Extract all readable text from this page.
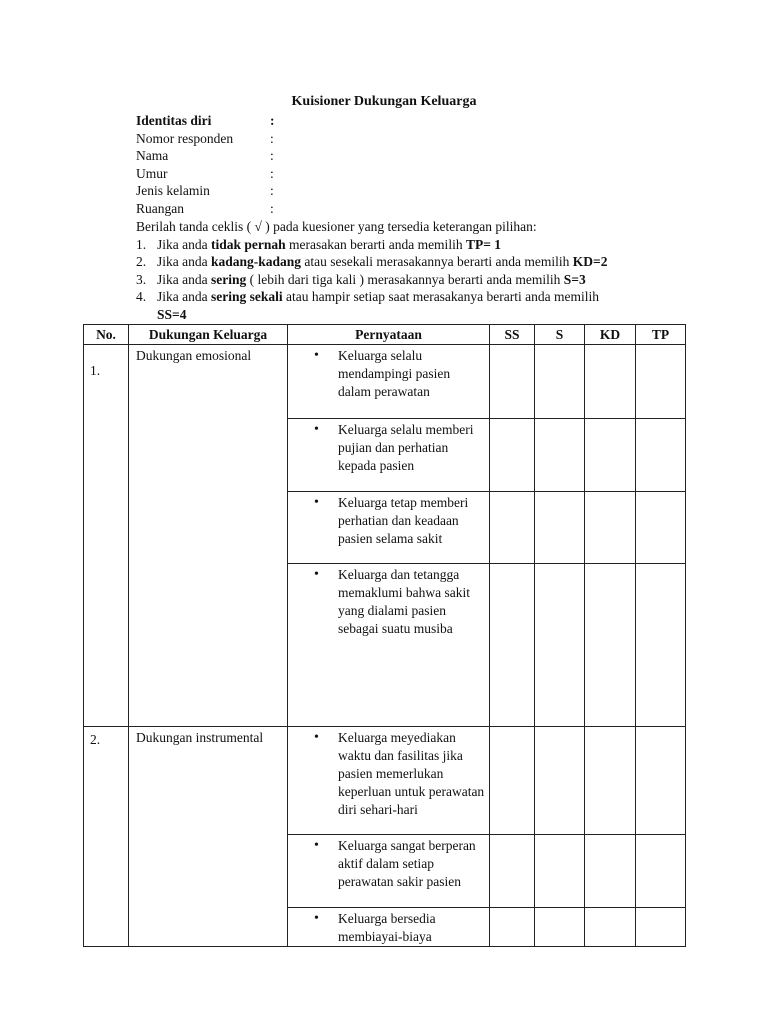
Kuisioner Dukungan Keluarga
Identitas diri	:
Nomor responden	:
Nama	:
Umur	:
Jenis kelamin	:
Ruangan	:
Berilah tanda ceklis ( √ ) pada kuesioner yang tersedia keterangan pilihan:
1. Jika anda tidak pernah merasakan berarti anda memilih TP= 1
2. Jika anda kadang-kadang atau sesekali merasakannya berarti anda memilih KD=2
3. Jika anda sering ( lebih dari tiga kali ) merasakannya berarti anda memilih S=3
4. Jika anda sering sekali atau hampir setiap saat merasakanya berarti anda memilih
SS=4
No.	Dukungan Keluarga	Pernyataan	SS	S	KD	TP
1.	Dukungan emosional	• Keluarga selalu mendampingi pasien dalam perawatan				

		• Keluarga selalu memberi pujian dan perhatian kepada pasien				

		• Keluarga tetap memberi perhatian dan keadaan pasien selama sakit				

		• Keluarga dan tetangga memaklumi bahwa sakit yang dialami pasien sebagai suatu musiba				
2.	Dukungan instrumental	• Keluarga meyediakan waktu dan fasilitas jika pasien memerlukan keperluan untuk perawatan diri sehari-hari				

		• Keluarga sangat berperan aktif dalam setiap perawatan sakir pasien				

		• Keluarga bersedia membiayai-biaya				
